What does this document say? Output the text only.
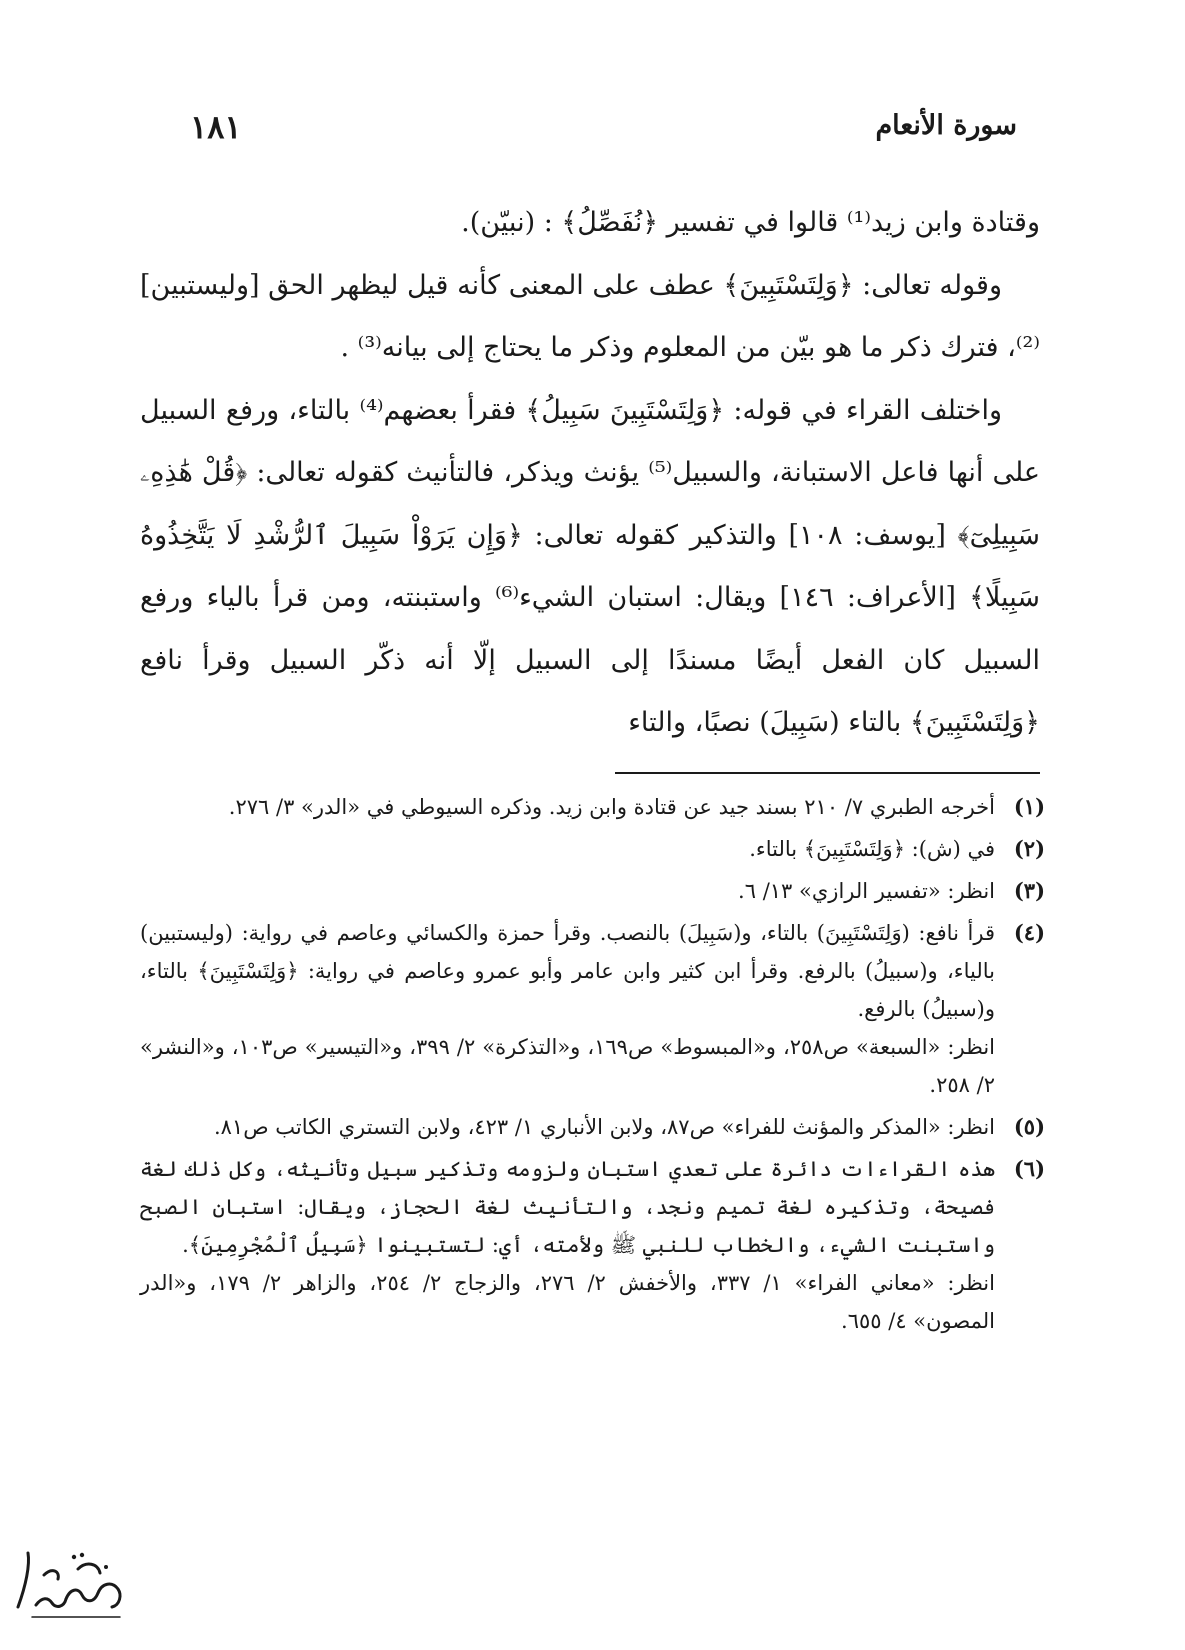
١٨١	سورة الأنعام

وقتادة وابن زيد⁽¹⁾ قالوا في تفسير ﴿نُفَصِّلُ﴾ : (نبيّن).

وقوله تعالى: ﴿وَلِتَسْتَبِينَ﴾ عطف على المعنى كأنه قيل ليظهر الحق [وليستبين]⁽²⁾، فترك ذكر ما هو بيّن من المعلوم وذكر ما يحتاج إلى بيانه⁽³⁾ .

واختلف القراء في قوله: ﴿وَلِتَسْتَبِينَ سَبِيلُ﴾ فقرأ بعضهم⁽⁴⁾ بالتاء، ورفع السبيل على أنها فاعل الاستبانة، والسبيل⁽⁵⁾ يؤنث ويذكر، فالتأنيث كقوله تعالى: ﴿قُلْ هَٰذِهِۦ سَبِيلِىٓ﴾ [يوسف: ١٠٨] والتذكير كقوله تعالى: ﴿وَإِن يَرَوْاْ سَبِيلَ ٱلرُّشْدِ لَا يَتَّخِذُوهُ سَبِيلًا﴾ [الأعراف: ١٤٦] ويقال: استبان الشيء⁽⁶⁾ واستبنته، ومن قرأ بالياء ورفع السبيل كان الفعل أيضًا مسندًا إلى السبيل إلّا أنه ذكّر السبيل وقرأ نافع ﴿وَلِتَسْتَبِينَ﴾ بالتاء (سَبِيلَ) نصبًا، والتاء

(١)
أخرجه الطبري ٧/ ٢١٠ بسند جيد عن قتادة وابن زيد. وذكره السيوطي في «الدر» ٣/ ٢٧٦.
(٢)
في (ش): ﴿وَلِتَسْتَبِينَ﴾ بالتاء.
(٣)
انظر: «تفسير الرازي» ١٣/ ٦.
(٤)
قرأ نافع: (وَلِتَسْتَبِينَ) بالتاء، و(سَبِيلَ) بالنصب. وقرأ حمزة والكسائي وعاصم في رواية: (وليستبين) بالياء، و(سبيلُ) بالرفع. وقرأ ابن كثير وابن عامر وأبو عمرو وعاصم في رواية: ﴿وَلِتَسْتَبِينَ﴾ بالتاء، و(سبيلُ) بالرفع.
انظر: «السبعة» ص٢٥٨، و«المبسوط» ص١٦٩، و«التذكرة» ٢/ ٣٩٩، و«التيسير» ص١٠٣، و«النشر» ٢/ ٢٥٨.
(٥)
انظر: «المذكر والمؤنث للفراء» ص٨٧، ولابن الأنباري ١/ ٤٢٣، ولابن التستري الكاتب ص٨١.
(٦)
هذه القراءات دائرة على تعدي استبان ولزومه وتذكير سبيل وتأنيثه، وكل ذلك لغة فصيحة، وتذكيره لغة تميم ونجد، والتأنيث لغة الحجاز، ويقال: استبان الصبح واستبنت الشيء، والخطاب للنبي ﷺ ولأمته، أي: لتستبينوا ﴿سَبِيلُ ٱلْمُجْرِمِينَ﴾.
انظر: «معاني الفراء» ١/ ٣٣٧، والأخفش ٢/ ٢٧٦، والزجاج ٢/ ٢٥٤، والزاهر ٢/ ١٧٩، و«الدر المصون» ٤/ ٦٥٥.
